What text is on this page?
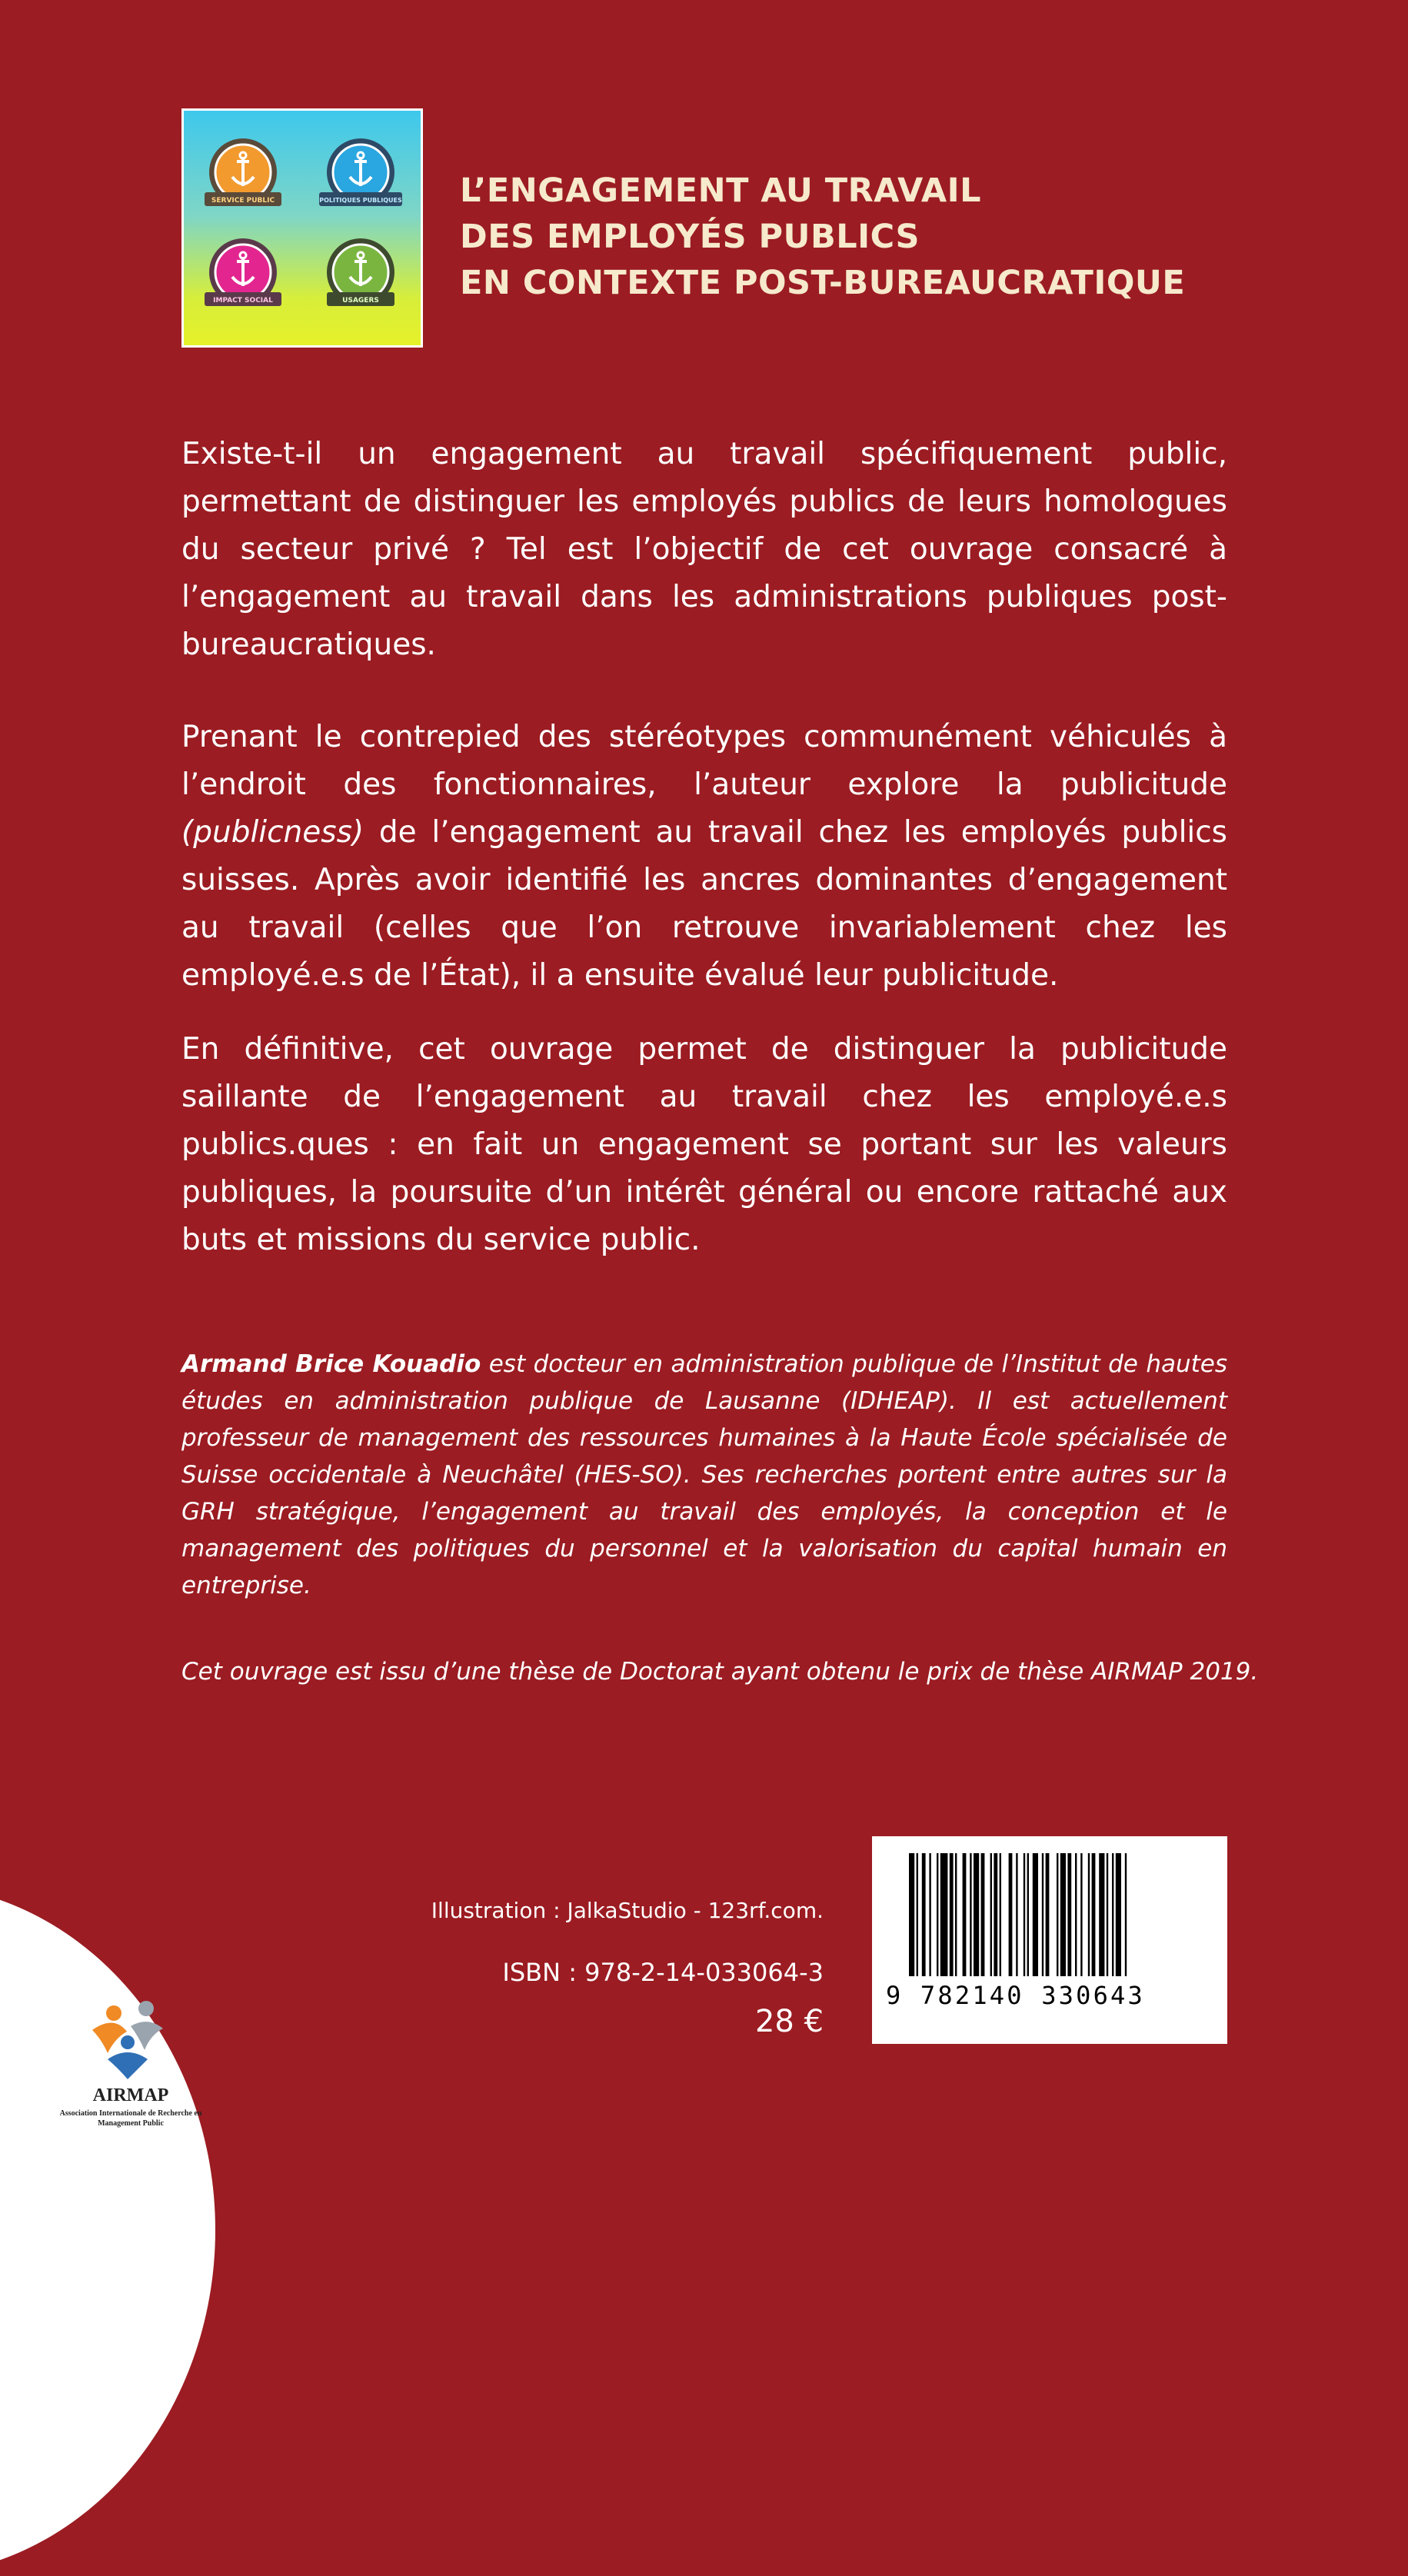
SERVICE PUBLIC	POLITIQUES PUBLIQUES
IMPACT SOCIAL	USAGERS
L’ENGAGEMENT AU TRAVAIL
DES EMPLOYÉS PUBLICS
EN CONTEXTE POST-BUREAUCRATIQUE

Existe-t-il un engagement au travail spécifiquement public, permettant de distinguer les employés publics de leurs homologues du secteur privé ? Tel est l’objectif de cet ouvrage consacré à l’engagement au travail dans les administrations publiques post-bureaucratiques.

Prenant le contrepied des stéréotypes communément véhiculés à l’endroit des fonctionnaires, l’auteur explore la publicitude (publicness) de l’engagement au travail chez les employés publics suisses. Après avoir identifié les ancres dominantes d’engagement au travail (celles que l’on retrouve invariablement chez les employé.e.s de l’État), il a ensuite évalué leur publicitude.

En définitive, cet ouvrage permet de distinguer la publicitude saillante de l’engagement au travail chez les employé.e.s publics.ques : en fait un engagement se portant sur les valeurs publiques, la poursuite d’un intérêt général ou encore rattaché aux buts et missions du service public.

Armand Brice Kouadio est docteur en administration publique de l’Institut de hautes études en administration publique de Lausanne (IDHEAP). Il est actuellement professeur de management des ressources humaines à la Haute École spécialisée de Suisse occidentale à Neuchâtel (HES-SO). Ses recherches portent entre autres sur la GRH stratégique, l’engagement au travail des employés, la conception et le management des politiques du personnel et la valorisation du capital humain en entreprise.

Cet ouvrage est issu d’une thèse de Doctorat ayant obtenu le prix de thèse AIRMAP 2019.
AIRMAP
Association Internationale de Recherche en Management Public
Illustration : JalkaStudio - 123rf.com.
ISBN : 978-2-14-033064-3
28 €
9 782140 330643
